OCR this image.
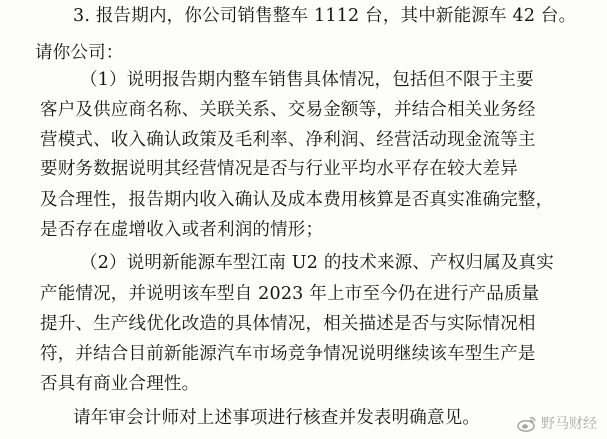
3. 报告期内，你公司销售整车 1112 台，其中新能源车 42 台。
请你公司：
（1）说明报告期内整车销售具体情况，包括但不限于主要
客户及供应商名称、关联关系、交易金额等，并结合相关业务经
营模式、收入确认政策及毛利率、净利润、经营活动现金流等主
要财务数据说明其经营情况是否与行业平均水平存在较大差异
及合理性，报告期内收入确认及成本费用核算是否真实准确完整，
是否存在虚增收入或者利润的情形；
（2）说明新能源车型江南 U2 的技术来源、产权归属及真实
产能情况，并说明该车型自 2023 年上市至今仍在进行产品质量
提升、生产线优化改造的具体情况，相关描述是否与实际情况相
符，并结合目前新能源汽车市场竞争情况说明继续该车型生产是
否具有商业合理性。
请年审会计师对上述事项进行核查并发表明确意见。	野马财经
